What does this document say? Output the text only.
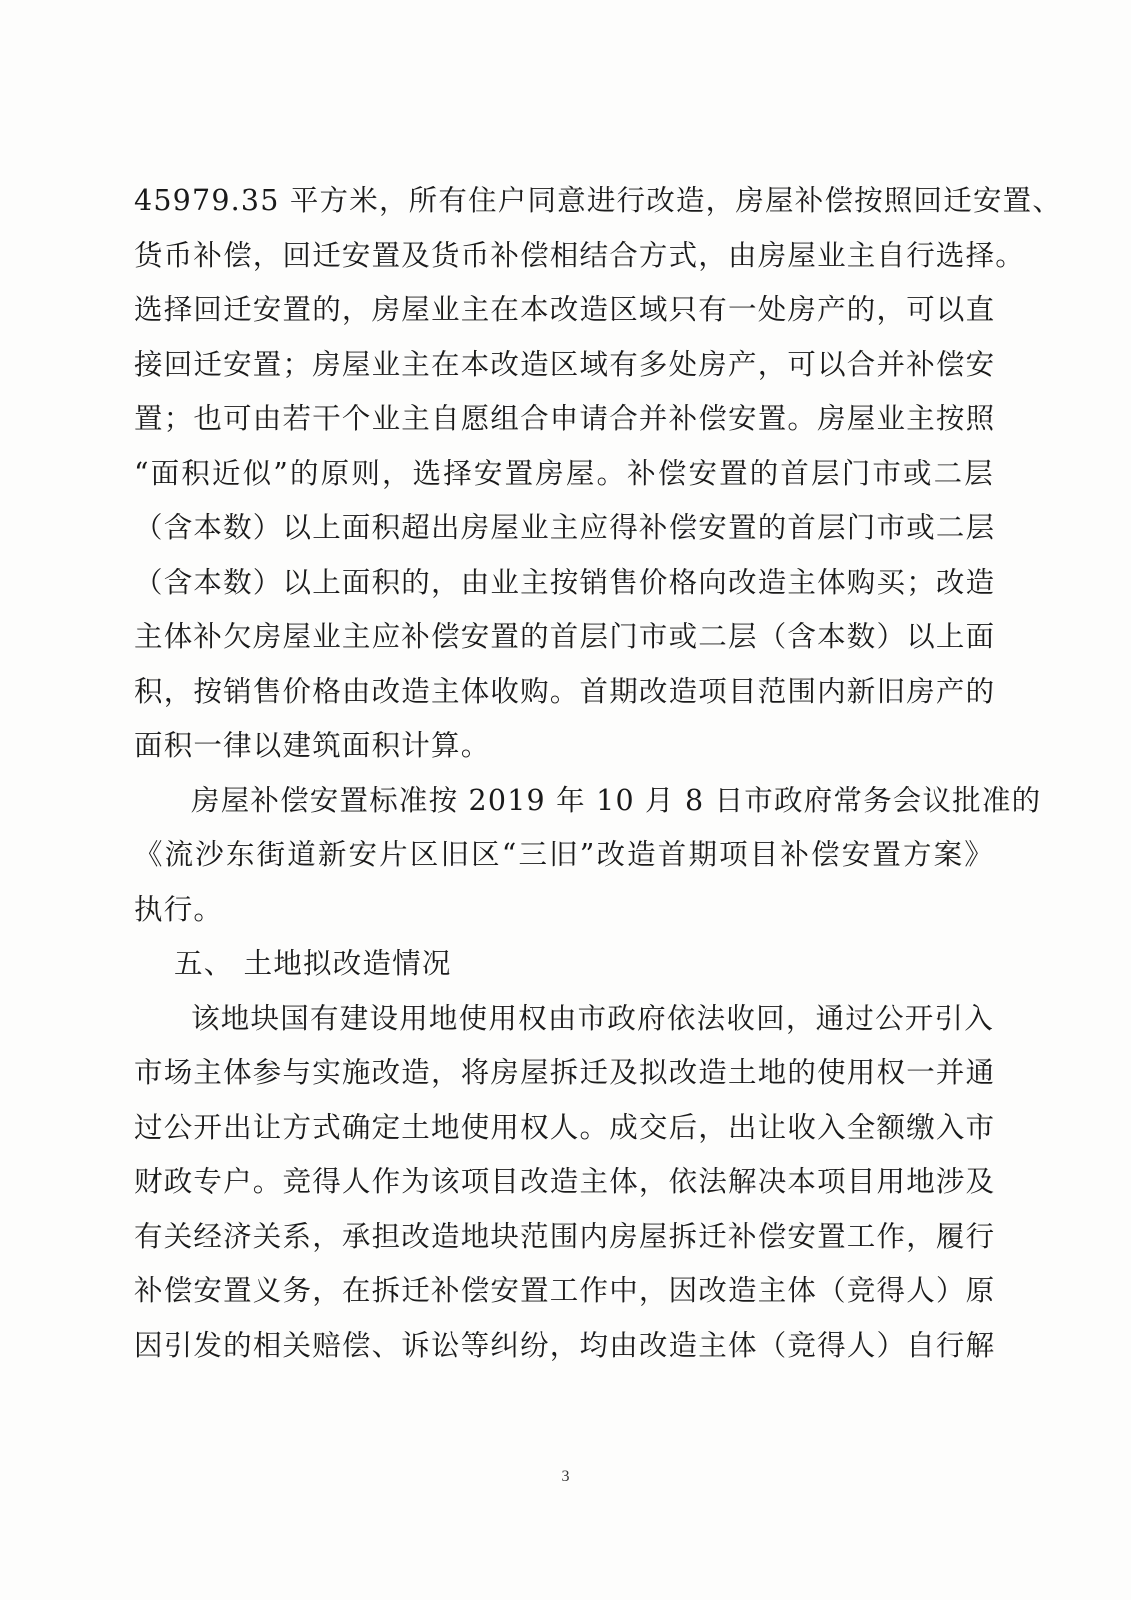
45979.35 平方米，所有住户同意进行改造，房屋补偿按照回迁安置、
货币补偿，回迁安置及货币补偿相结合方式，由房屋业主自行选择。
选择回迁安置的，房屋业主在本改造区域只有一处房产的，可以直
接回迁安置；房屋业主在本改造区域有多处房产，可以合并补偿安
置；也可由若干个业主自愿组合申请合并补偿安置。房屋业主按照
“面积近似”的原则，选择安置房屋。补偿安置的首层门市或二层
（含本数）以上面积超出房屋业主应得补偿安置的首层门市或二层
（含本数）以上面积的，由业主按销售价格向改造主体购买；改造
主体补欠房屋业主应补偿安置的首层门市或二层（含本数）以上面
积，按销售价格由改造主体收购。首期改造项目范围内新旧房产的
面积一律以建筑面积计算。
房屋补偿安置标准按 2019 年 10 月 8 日市政府常务会议批准的
《流沙东街道新安片区旧区“三旧”改造首期项目补偿安置方案》
执行。
五、 土地拟改造情况
该地块国有建设用地使用权由市政府依法收回，通过公开引入
市场主体参与实施改造，将房屋拆迁及拟改造土地的使用权一并通
过公开出让方式确定土地使用权人。成交后，出让收入全额缴入市
财政专户。竞得人作为该项目改造主体，依法解决本项目用地涉及
有关经济关系，承担改造地块范围内房屋拆迁补偿安置工作，履行
补偿安置义务，在拆迁补偿安置工作中，因改造主体（竞得人）原
因引发的相关赔偿、诉讼等纠纷，均由改造主体（竞得人）自行解
3
